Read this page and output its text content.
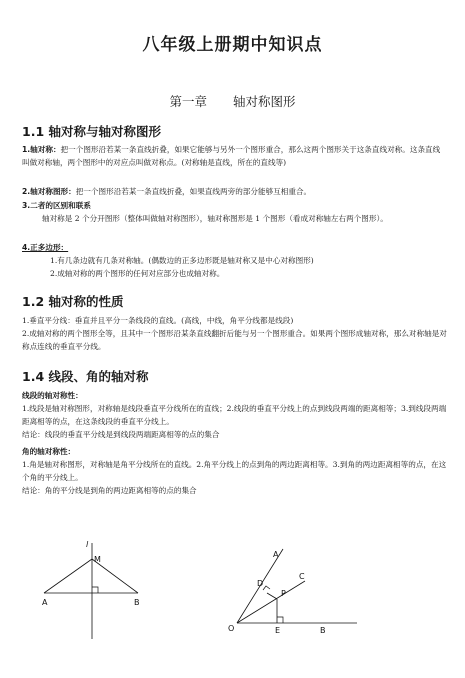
八年级上册期中知识点
第一章 轴对称图形
1.1 轴对称与轴对称图形
1.轴对称：把一个图形沿若某一条直线折叠，如果它能够与另外一个图形重合，那么这两个图形关于这条直线对称。这条直线叫做对称轴，两个图形中的对应点叫做对称点。(对称轴是直线，所在的直线等)
2.轴对称图形：把一个图形沿若某一条直线折叠，如果直线两旁的部分能够互相重合。
3.二者的区别和联系
轴对称是 2 个分开图形（整体叫做轴对称图形），轴对称图形是 1 个图形（看成对称轴左右两个图形）。
4.正多边形：
1.有几条边就有几条对称轴。(偶数边的正多边形既是轴对称又是中心对称图形)
2.成轴对称的两个图形的任何对应部分也成轴对称。
1.2 轴对称的性质
1.垂直平分线：垂直并且平分一条线段的直线。(高线，中线，角平分线都是线段)
2.成轴对称的两个图形全等，且其中一个图形沿某条直线翻折后能与另一个图形重合。如果两个图形成轴对称，那么对称轴是对称点连线的垂直平分线。
1.4 线段、角的轴对称
线段的轴对称性：
1.线段是轴对称图形，对称轴是线段垂直平分线所在的直线；2.线段的垂直平分线上的点到线段两端的距离相等；3.到线段两端距离相等的点，在这条线段的垂直平分线上。
结论：线段的垂直平分线是到线段两端距离相等的点的集合
角的轴对称性：
1.角是轴对称图形，对称轴是角平分线所在的直线。2.角平分线上的点到角的两边距离相等。3.到角的两边距离相等的点，在这个角的平分线上。
结论：角的平分线是到角的两边距离相等的点的集合
l
M
A	B
A
C
D
P
O	E	B
